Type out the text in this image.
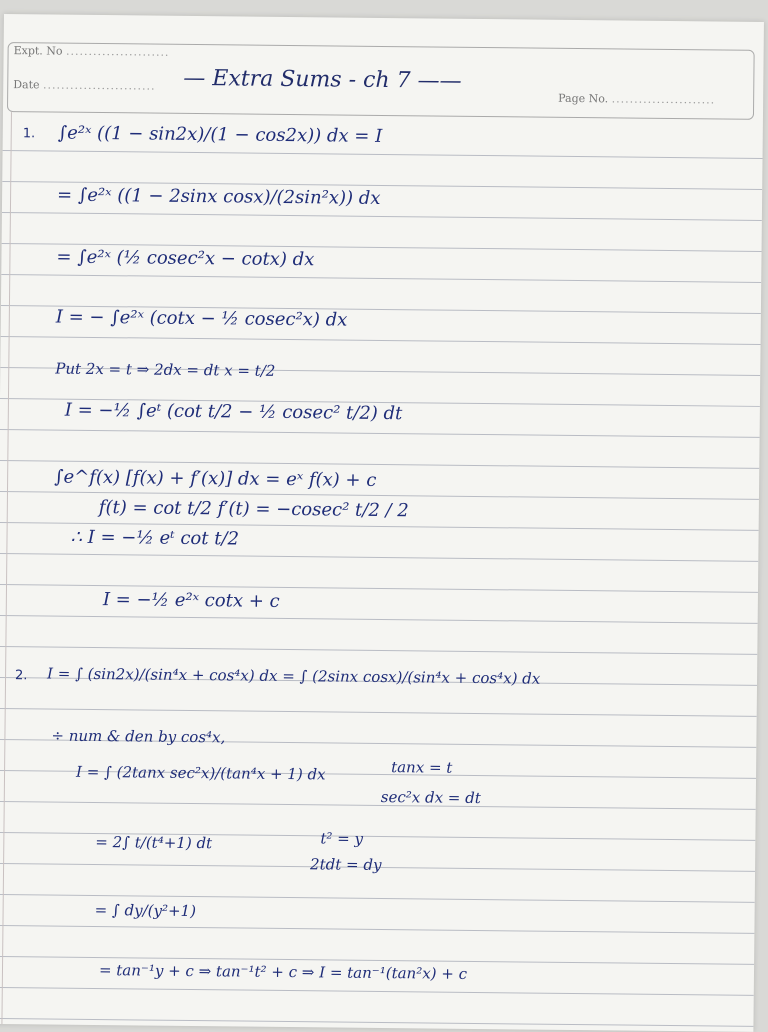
Expt. No .......................
Date .........................
Page No. .......................
— Extra Sums - ch 7 ——
1. ∫e²ˣ ((1 − sin2x)/(1 − cos2x)) dx = I
= ∫e²ˣ ((1 − 2sinx cosx)/(2sin²x)) dx
= ∫e²ˣ (½ cosec²x − cotx) dx
I = − ∫e²ˣ (cotx − ½ cosec²x) dx
Put 2x = t ⇒ 2dx = dt x = t/2
I = −½ ∫eᵗ (cot t/2 − ½ cosec² t/2) dt
∫e^f(x) [f(x) + f′(x)] dx = eˣ f(x) + c
f(t) = cot t/2 f′(t) = −cosec² t/2 / 2
∴ I = −½ eᵗ cot t/2
I = −½ e²ˣ cotx + c
2. I = ∫ (sin2x)/(sin⁴x + cos⁴x) dx = ∫ (2sinx cosx)/(sin⁴x + cos⁴x) dx
÷ num & den by cos⁴x,
I = ∫ (2tanx sec²x)/(tan⁴x + 1) dx	tanx = t
sec²x dx = dt
= 2∫ t/(t⁴+1) dt	t² = y
2tdt = dy
= ∫ dy/(y²+1)
= tan⁻¹y + c ⇒ tan⁻¹t² + c ⇒ I = tan⁻¹(tan²x) + c
